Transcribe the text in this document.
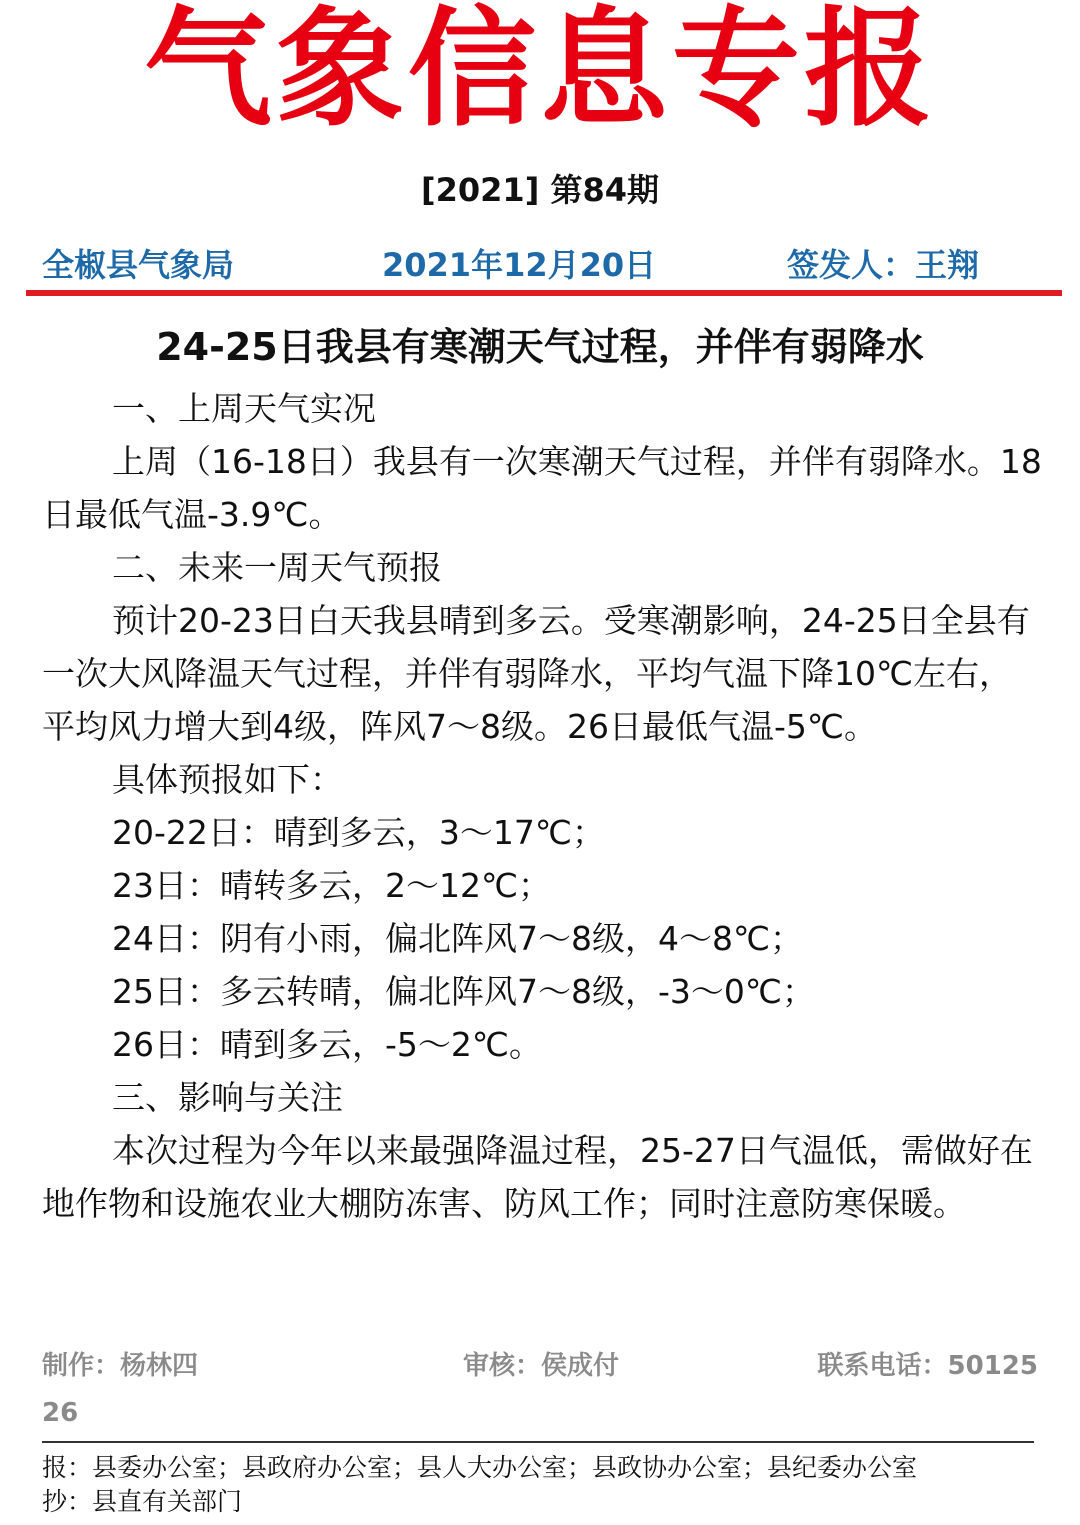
气象信息专报
[2021] 第84期
全椒县气象局	2021年12月20日	签发人：王翔
24-25日我县有寒潮天气过程，并伴有弱降水
一、上周天气实况

上周（16-18日）我县有一次寒潮天气过程，并伴有弱降水。18日最低气温-3.9℃。

二、未来一周天气预报

预计20-23日白天我县晴到多云。受寒潮影响，24-25日全县有一次大风降温天气过程，并伴有弱降水，平均气温下降10℃左右，平均风力增大到4级，阵风7～8级。26日最低气温-5℃。

具体预报如下：
20-22日：晴到多云，3～17℃；
23日：晴转多云，2～12℃；
24日：阴有小雨，偏北阵风7～8级，4～8℃；
25日：多云转晴，偏北阵风7～8级，-3～0℃；
26日：晴到多云，-5～2℃。
三、影响与关注

本次过程为今年以来最强降温过程，25-27日气温低，需做好在地作物和设施农业大棚防冻害、防风工作；同时注意防寒保暖。

制作：杨林四	审核：侯成付	联系电话：50125
26
报：县委办公室；县政府办公室；县人大办公室；县政协办公室；县纪委办公室
抄：县直有关部门
